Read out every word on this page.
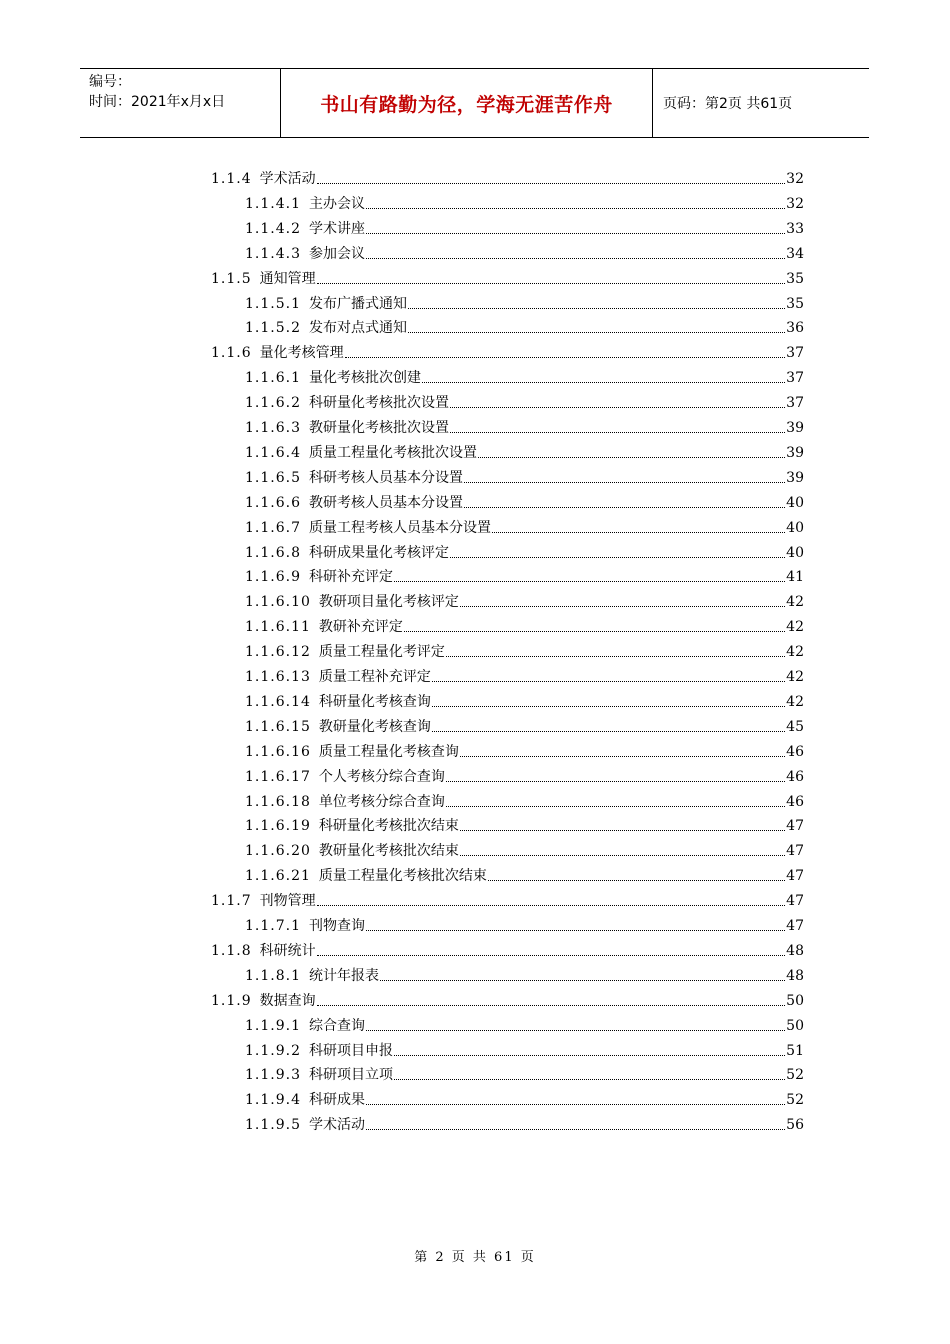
编号：
时间：2021年x月x日	书山有路勤为径，学海无涯苦作舟	页码：第2页 共61页
1.1.4 学术活动	32
1.1.4.1 主办会议	32
1.1.4.2 学术讲座	33
1.1.4.3 参加会议	34
1.1.5 通知管理	35
1.1.5.1 发布广播式通知	35
1.1.5.2 发布对点式通知	36
1.1.6 量化考核管理	37
1.1.6.1 量化考核批次创建	37
1.1.6.2 科研量化考核批次设置	37
1.1.6.3 教研量化考核批次设置	39
1.1.6.4 质量工程量化考核批次设置	39
1.1.6.5 科研考核人员基本分设置	39
1.1.6.6 教研考核人员基本分设置	40
1.1.6.7 质量工程考核人员基本分设置	40
1.1.6.8 科研成果量化考核评定	40
1.1.6.9 科研补充评定	41
1.1.6.10 教研项目量化考核评定	42
1.1.6.11 教研补充评定	42
1.1.6.12 质量工程量化考评定	42
1.1.6.13 质量工程补充评定	42
1.1.6.14 科研量化考核查询	42
1.1.6.15 教研量化考核查询	45
1.1.6.16 质量工程量化考核查询	46
1.1.6.17 个人考核分综合查询	46
1.1.6.18 单位考核分综合查询	46
1.1.6.19 科研量化考核批次结束	47
1.1.6.20 教研量化考核批次结束	47
1.1.6.21 质量工程量化考核批次结束	47
1.1.7 刊物管理	47
1.1.7.1 刊物查询	47
1.1.8 科研统计	48
1.1.8.1 统计年报表	48
1.1.9 数据查询	50
1.1.9.1 综合查询	50
1.1.9.2 科研项目申报	51
1.1.9.3 科研项目立项	52
1.1.9.4 科研成果	52
1.1.9.5 学术活动	56
第 2 页 共 61 页
